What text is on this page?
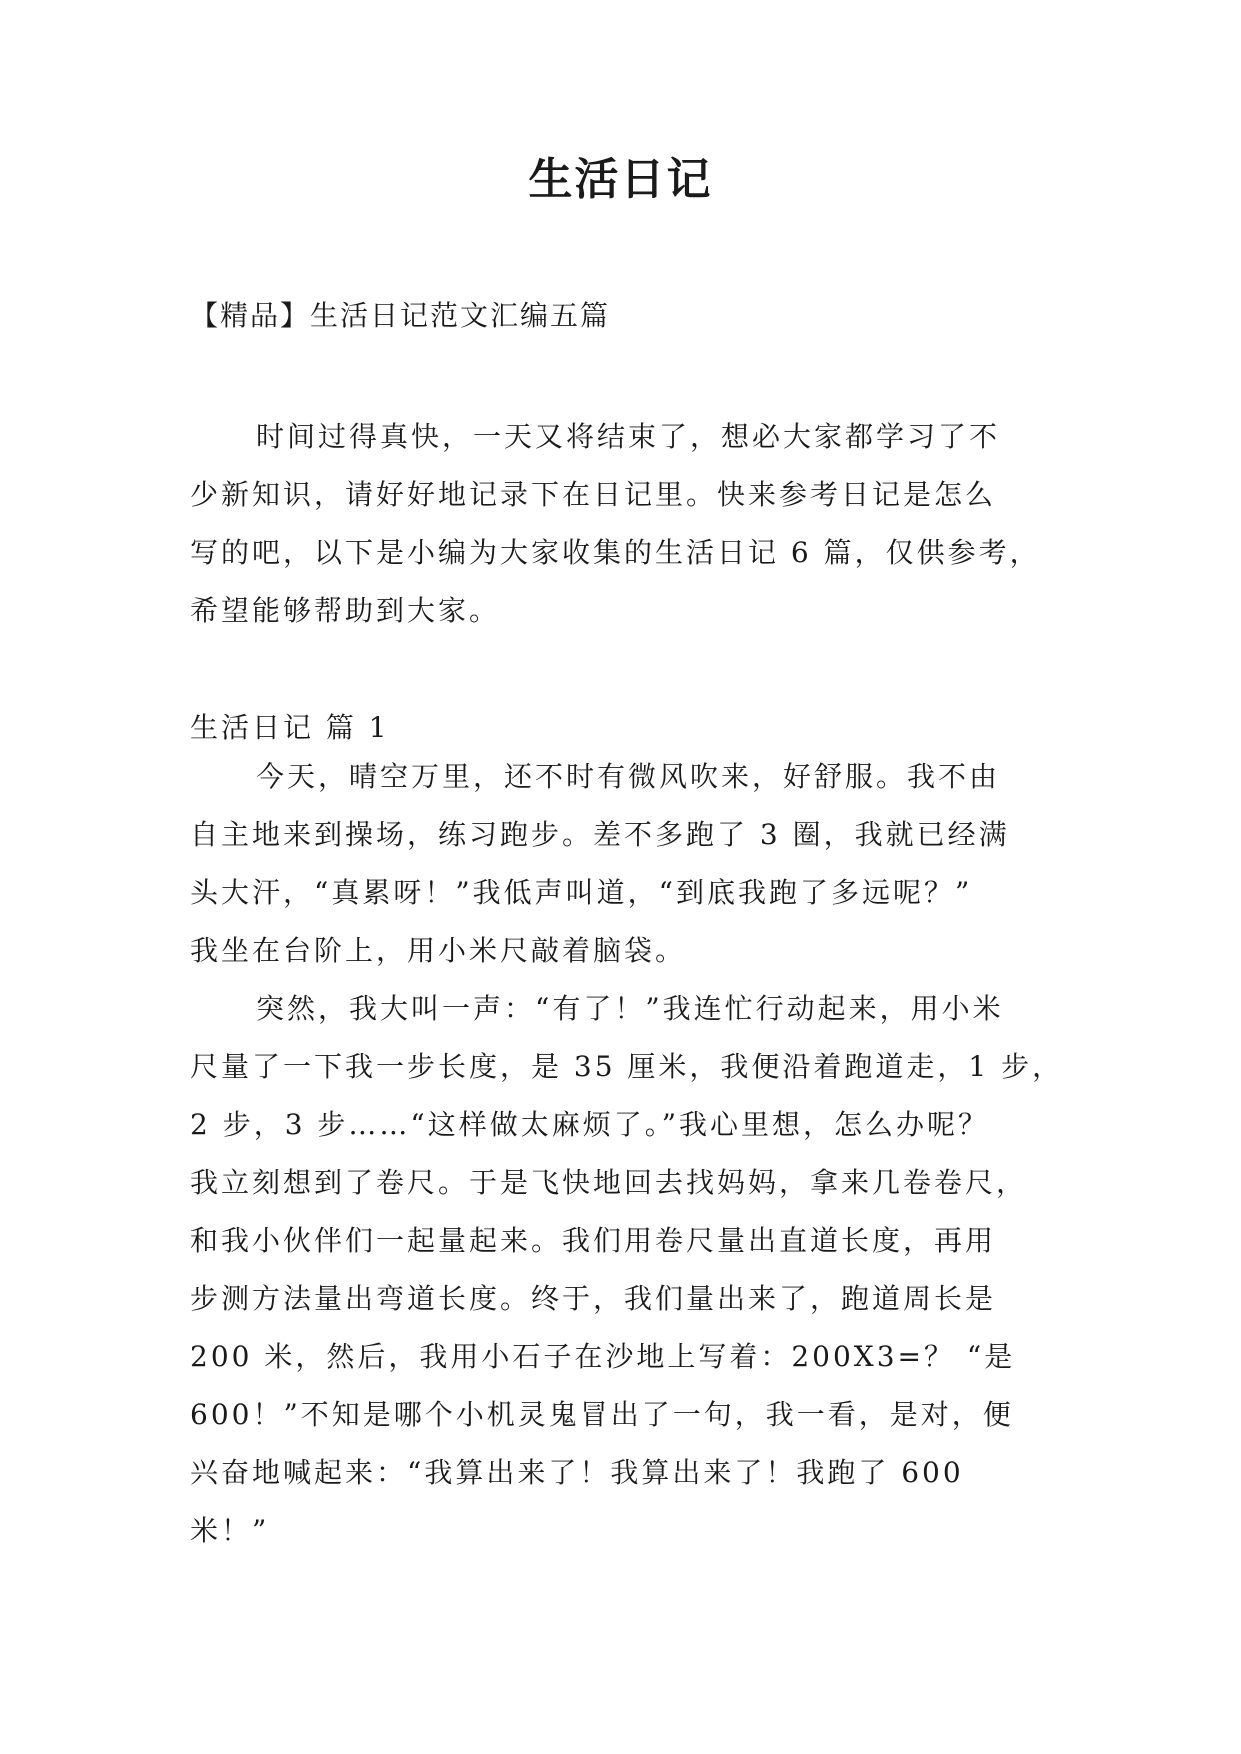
生活日记
【精品】生活日记范文汇编五篇
时间过得真快，一天又将结束了，想必大家都学习了不
少新知识，请好好地记录下在日记里。快来参考日记是怎么
写的吧，以下是小编为大家收集的生活日记 6 篇，仅供参考，
希望能够帮助到大家。
生活日记 篇 1
今天，晴空万里，还不时有微风吹来，好舒服。我不由
自主地来到操场，练习跑步。差不多跑了 3 圈，我就已经满
头大汗，“真累呀！”我低声叫道，“到底我跑了多远呢？”
我坐在台阶上，用小米尺敲着脑袋。
突然，我大叫一声：“有了！”我连忙行动起来，用小米
尺量了一下我一步长度，是 35 厘米，我便沿着跑道走，1 步，
2 步，3 步……“这样做太麻烦了。”我心里想，怎么办呢？
我立刻想到了卷尺。于是飞快地回去找妈妈，拿来几卷卷尺，
和我小伙伴们一起量起来。我们用卷尺量出直道长度，再用
步测方法量出弯道长度。终于，我们量出来了，跑道周长是
200 米，然后，我用小石子在沙地上写着：200X3=？ “是
600！”不知是哪个小机灵鬼冒出了一句，我一看，是对，便
兴奋地喊起来：“我算出来了！我算出来了！我跑了 600
米！”
